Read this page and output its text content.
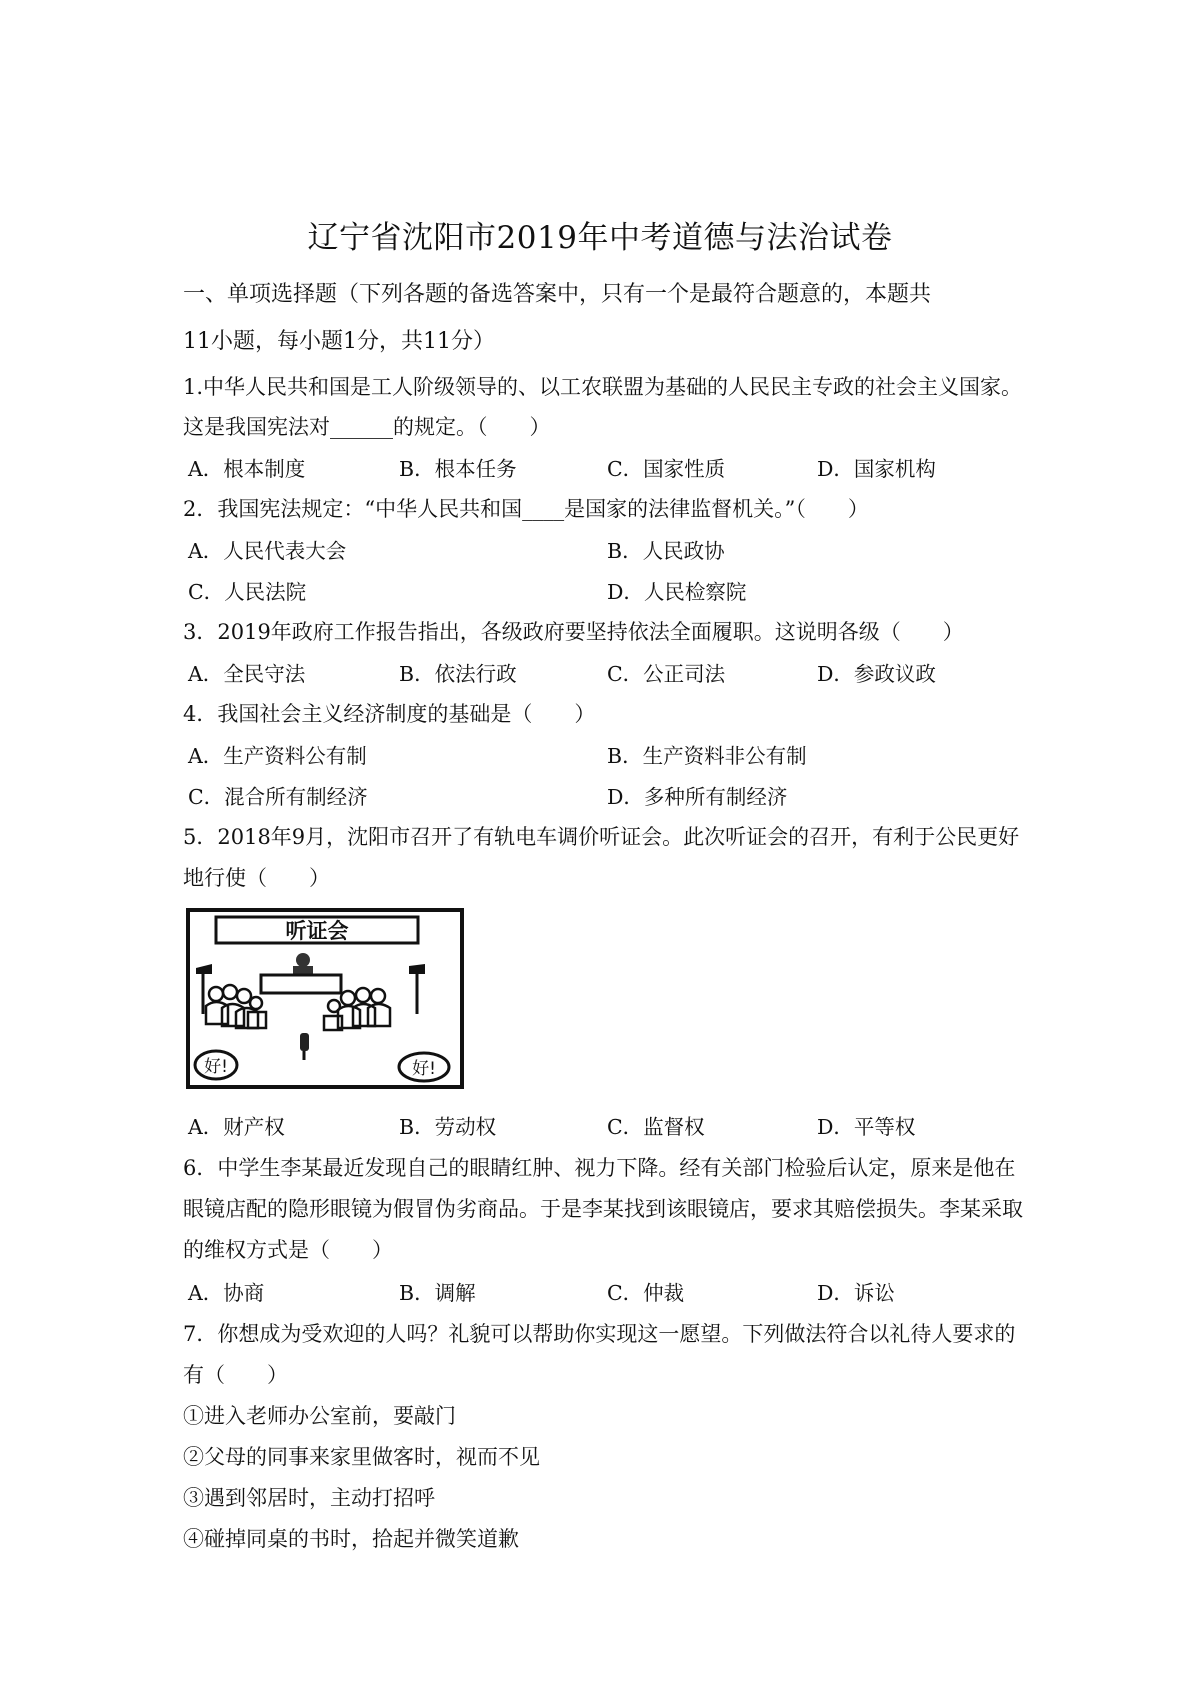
辽宁省沈阳市2019年中考道德与法治试卷
一、单项选择题（下列各题的备选答案中，只有一个是最符合题意的，本题共
11小题，每小题1分，共11分）
1.中华人民共和国是工人阶级领导的、以工农联盟为基础的人民民主专政的社会主义国家。
这是我国宪法对______的规定。（　　）
A．根本制度	B．根本任务	C．国家性质	D．国家机构
2．我国宪法规定：“中华人民共和国____是国家的法律监督机关。”（　　）
A．人民代表大会	B．人民政协
C．人民法院	D．人民检察院
3．2019年政府工作报告指出，各级政府要坚持依法全面履职。这说明各级（　　）
A．全民守法	B．依法行政	C．公正司法	D．参政议政
4．我国社会主义经济制度的基础是（　　）
A．生产资料公有制	B．生产资料非公有制
C．混合所有制经济	D．多种所有制经济
5．2018年9月，沈阳市召开了有轨电车调价听证会。此次听证会的召开，有利于公民更好
地行使（　　）
听证会
好!	好!
A．财产权	B．劳动权	C．监督权	D．平等权
6．中学生李某最近发现自己的眼睛红肿、视力下降。经有关部门检验后认定，原来是他在
眼镜店配的隐形眼镜为假冒伪劣商品。于是李某找到该眼镜店，要求其赔偿损失。李某采取
的维权方式是（　　）
A．协商	B．调解	C．仲裁	D．诉讼
7．你想成为受欢迎的人吗？礼貌可以帮助你实现这一愿望。下列做法符合以礼待人要求的
有（　　）
①进入老师办公室前，要敲门
②父母的同事来家里做客时，视而不见
③遇到邻居时，主动打招呼
④碰掉同桌的书时，拾起并微笑道歉
